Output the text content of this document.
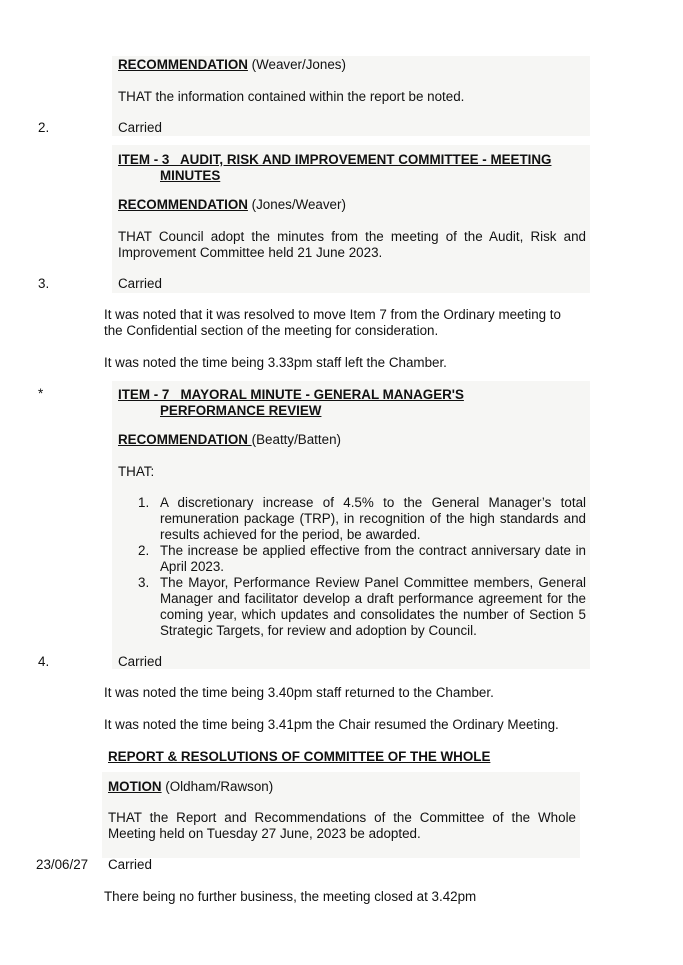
RECOMMENDATION (Weaver/Jones)
THAT the information contained within the report be noted.
2.	Carried
ITEM - 3   AUDIT, RISK AND IMPROVEMENT COMMITTEE - MEETING
MINUTES
RECOMMENDATION (Jones/Weaver)
THAT Council adopt the minutes from the meeting of the Audit, Risk and
Improvement Committee held 21 June 2023.
3.	Carried
It was noted that it was resolved to move Item 7 from the Ordinary meeting to
the Confidential section of the meeting for consideration.
It was noted the time being 3.33pm staff left the Chamber.
*	ITEM - 7   MAYORAL MINUTE - GENERAL MANAGER'S
PERFORMANCE REVIEW
RECOMMENDATION (Beatty/Batten)
THAT:
1. A discretionary increase of 4.5% to the General Manager’s total
remuneration package (TRP), in recognition of the high standards and
results achieved for the period, be awarded.
2. The increase be applied effective from the contract anniversary date in
April 2023.
3. The Mayor, Performance Review Panel Committee members, General
Manager and facilitator develop a draft performance agreement for the
coming year, which updates and consolidates the number of Section 5
Strategic Targets, for review and adoption by Council.
4.	Carried
It was noted the time being 3.40pm staff returned to the Chamber.
It was noted the time being 3.41pm the Chair resumed the Ordinary Meeting.
REPORT & RESOLUTIONS OF COMMITTEE OF THE WHOLE
MOTION (Oldham/Rawson)
THAT the Report and Recommendations of the Committee of the Whole
Meeting held on Tuesday 27 June, 2023 be adopted.
23/06/27 Carried
There being no further business, the meeting closed at 3.42pm
